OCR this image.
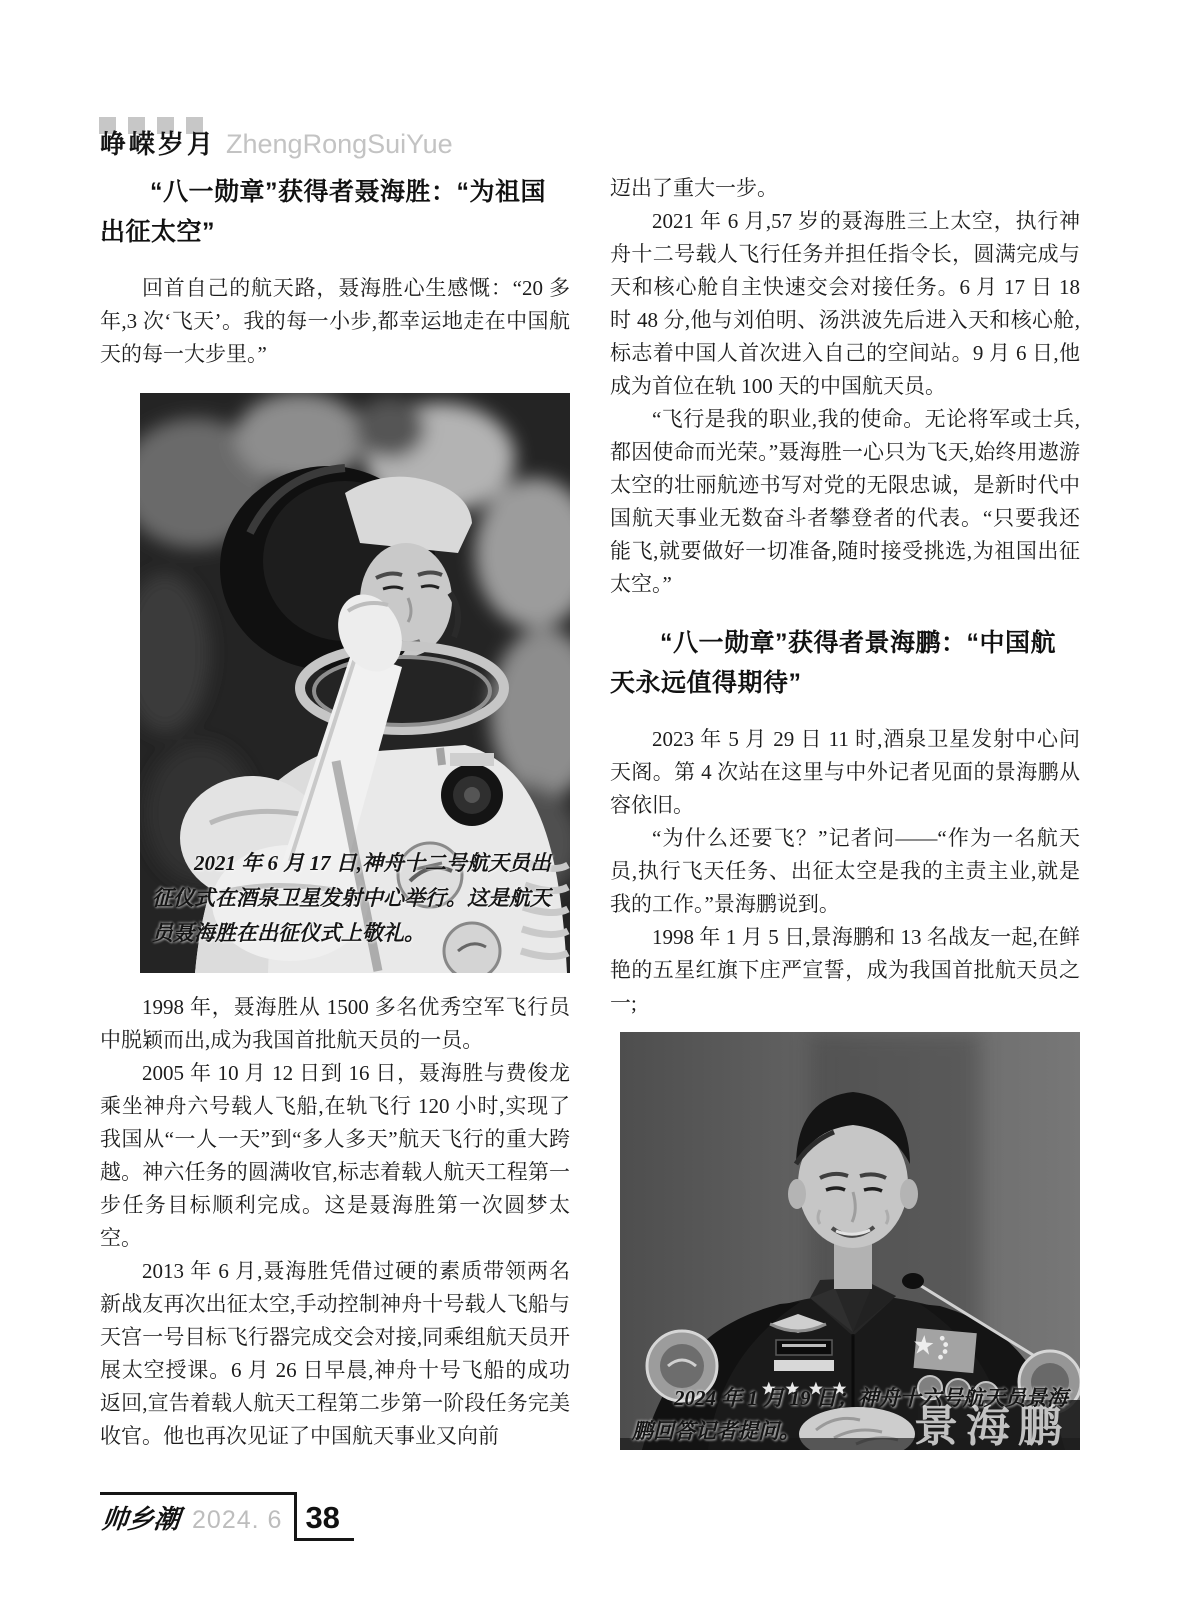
峥嵘岁月 ZhengRongSuiYue
“八一勋章”获得者聂海胜：“为祖国出征太空”

回首自己的航天路，聂海胜心生感慨：“20 多年,3 次‘飞天’。我的每一小步,都幸运地走在中国航天的每一大步里。”

2021 年 6 月 17 日,神舟十二号航天员出征仪式在酒泉卫星发射中心举行。这是航天员聂海胜在出征仪式上敬礼。

1998 年，聂海胜从 1500 多名优秀空军飞行员中脱颖而出,成为我国首批航天员的一员。

2005 年 10 月 12 日到 16 日，聂海胜与费俊龙乘坐神舟六号载人飞船,在轨飞行 120 小时,实现了我国从“一人一天”到“多人多天”航天飞行的重大跨越。神六任务的圆满收官,标志着载人航天工程第一步任务目标顺利完成。这是聂海胜第一次圆梦太空。

2013 年 6 月,聂海胜凭借过硬的素质带领两名新战友再次出征太空,手动控制神舟十号载人飞船与天宫一号目标飞行器完成交会对接,同乘组航天员开展太空授课。6 月 26 日早晨,神舟十号飞船的成功返回,宣告着载人航天工程第二步第一阶段任务完美收官。他也再次见证了中国航天事业又向前

迈出了重大一步。

2021 年 6 月,57 岁的聂海胜三上太空，执行神舟十二号载人飞行任务并担任指令长，圆满完成与天和核心舱自主快速交会对接任务。6 月 17 日 18 时 48 分,他与刘伯明、汤洪波先后进入天和核心舱,标志着中国人首次进入自己的空间站。9 月 6 日,他成为首位在轨 100 天的中国航天员。

“飞行是我的职业,我的使命。无论将军或士兵,都因使命而光荣。”聂海胜一心只为飞天,始终用遨游太空的壮丽航迹书写对党的无限忠诚，是新时代中国航天事业无数奋斗者攀登者的代表。“只要我还能飞,就要做好一切准备,随时接受挑选,为祖国出征太空。”

“八一勋章”获得者景海鹏：“中国航天永远值得期待”

2023 年 5 月 29 日 11 时,酒泉卫星发射中心问天阁。第 4 次站在这里与中外记者见面的景海鹏从容依旧。

“为什么还要飞？”记者问——“作为一名航天员,执行飞天任务、出征太空是我的主责主业,就是我的工作。”景海鹏说到。

1998 年 1 月 5 日,景海鹏和 13 名战友一起,在鲜艳的五星红旗下庄严宣誓，成为我国首批航天员之一;

景海鹏
2024 年 1 月 19 日；神舟十六号航天员景海鹏回答记者提问。
帅乡潮 2024. 6 38
